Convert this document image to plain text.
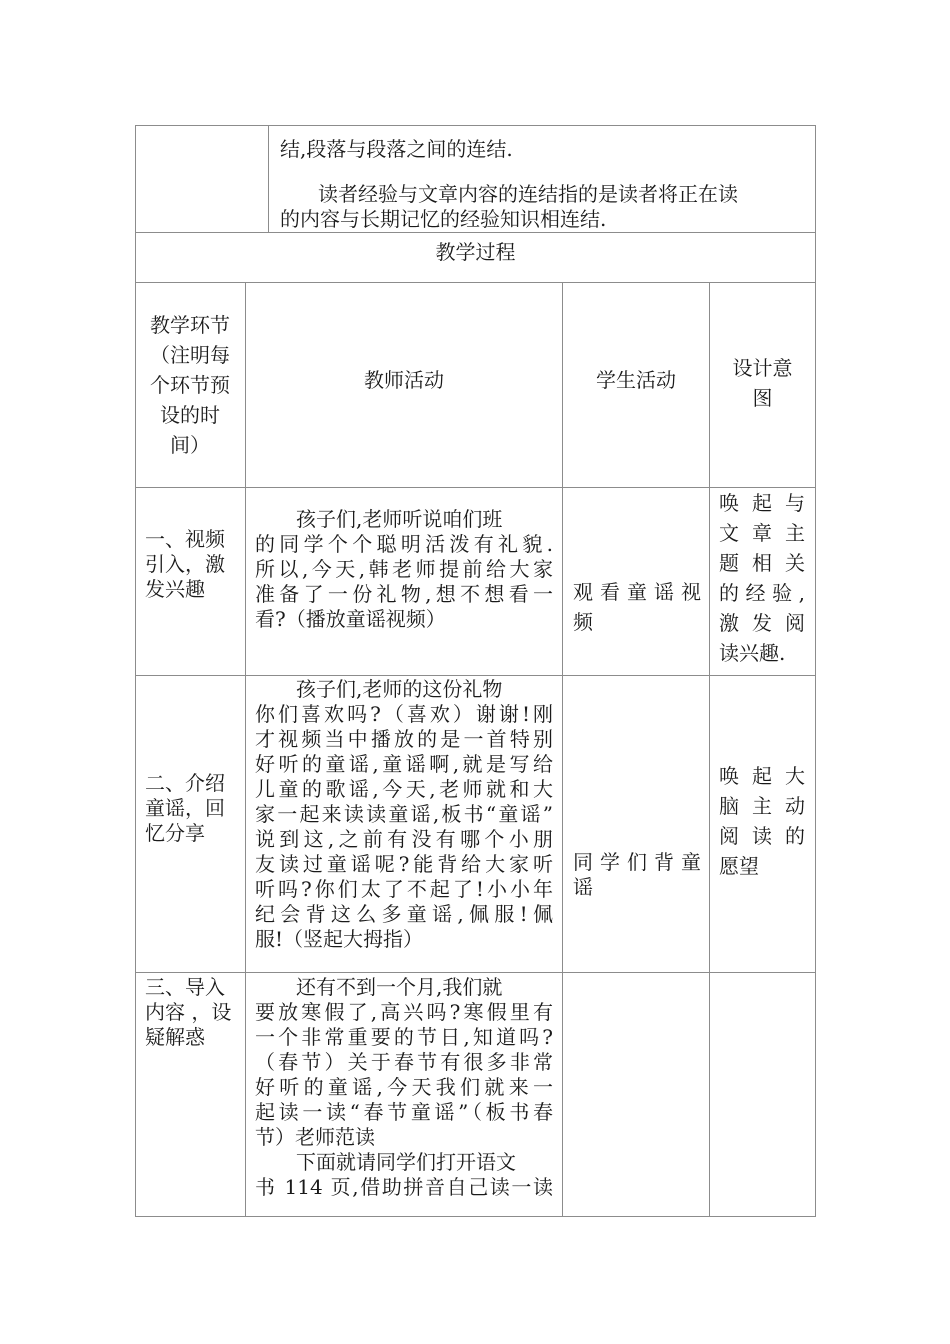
结,段落与段落之间的连结.
读者经验与文章内容的连结指的是读者将正在读
的内容与长期记忆的经验知识相连结.
教学过程
教学环节
（注明每
个环节预
设的时
间）
教师活动	学生活动	设计意
图
一、视频
引入，激
发兴趣
孩子们,老师听说咱们班
的同学个个聪明活泼有礼貌.
所以,今天,韩老师提前给大家
准备了一份礼物,想不想看一
看?（播放童谣视频）
观看童谣视
频
唤起与
文章主
题相关
的经验,
激发阅
读兴趣.
二、介绍
童谣，回
忆分享
孩子们,老师的这份礼物
你们喜欢吗?（喜欢）谢谢!刚
才视频当中播放的是一首特别
好听的童谣,童谣啊,就是写给
儿童的歌谣,今天,老师就和大
家一起来读读童谣,板书“童谣”
说到这,之前有没有哪个小朋
友读过童谣呢?能背给大家听
听吗?你们太了不起了!小小年
纪会背这么多童谣,佩服!佩
服!（竖起大拇指）
同学们背童
谣
唤起大
脑主动
阅读的
愿望
三、导入
内容 ，设
疑解惑
还有不到一个月,我们就
要放寒假了,高兴吗?寒假里有
一个非常重要的节日,知道吗?
（春节）关于春节有很多非常
好听的童谣,今天我们就来一
起读一读“春节童谣”（板书春
节）老师范读
下面就请同学们打开语文
书 114 页,借助拼音自己读一读
